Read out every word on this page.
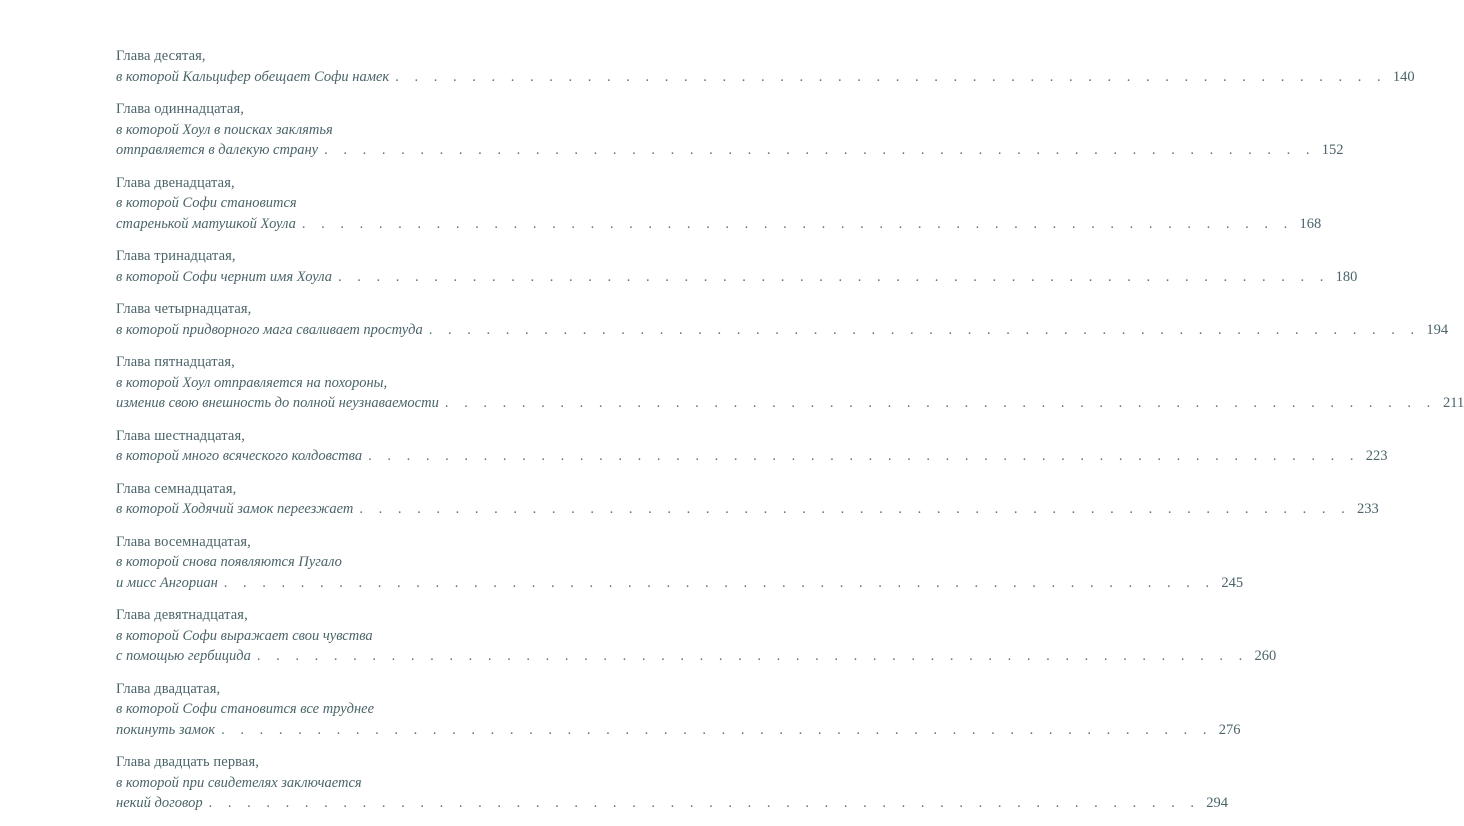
Глава десятая,
в которой Кальцифер обещает Софи намек . . . . . . . . . . . . . . . . . . . . . . . . . . . . . . . . . . . . . . . . . . . . . . . . . . . . 140
Глава одиннадцатая,
в которой Хоул в поисках заклятья
отправляется в далекую страну . . . . . . . . . . . . . . . . . . . . . . . . . . . . . . . . . . . . . . . . . . . . . . . . . . . . 152
Глава двенадцатая,
в которой Софи становится
старенькой матушкой Хоула . . . . . . . . . . . . . . . . . . . . . . . . . . . . . . . . . . . . . . . . . . . . . . . . . . . . 168
Глава тринадцатая,
в которой Софи чернит имя Хоула . . . . . . . . . . . . . . . . . . . . . . . . . . . . . . . . . . . . . . . . . . . . . . . . . . . . 180
Глава четырнадцатая,
в которой придворного мага сваливает простуда . . . . . . . . . . . . . . . . . . . . . . . . . . . . . . . . . . . . . . . . . . . . . . . . . . . . 194
Глава пятнадцатая,
в которой Хоул отправляется на похороны,
изменив свою внешность до полной неузнаваемости . . . . . . . . . . . . . . . . . . . . . . . . . . . . . . . . . . . . . . . . . . . . . . . . . . . . 211
Глава шестнадцатая,
в которой много всяческого колдовства . . . . . . . . . . . . . . . . . . . . . . . . . . . . . . . . . . . . . . . . . . . . . . . . . . . . 223
Глава семнадцатая,
в которой Ходячий замок переезжает . . . . . . . . . . . . . . . . . . . . . . . . . . . . . . . . . . . . . . . . . . . . . . . . . . . . 233
Глава восемнадцатая,
в которой снова появляются Пугало
и мисс Ангориан . . . . . . . . . . . . . . . . . . . . . . . . . . . . . . . . . . . . . . . . . . . . . . . . . . . . 245
Глава девятнадцатая,
в которой Софи выражает свои чувства
с помощью гербицида . . . . . . . . . . . . . . . . . . . . . . . . . . . . . . . . . . . . . . . . . . . . . . . . . . . . 260
Глава двадцатая,
в которой Софи становится все труднее
покинуть замок . . . . . . . . . . . . . . . . . . . . . . . . . . . . . . . . . . . . . . . . . . . . . . . . . . . . 276
Глава двадцать первая,
в которой при свидетелях заключается
некий договор . . . . . . . . . . . . . . . . . . . . . . . . . . . . . . . . . . . . . . . . . . . . . . . . . . . . 294
